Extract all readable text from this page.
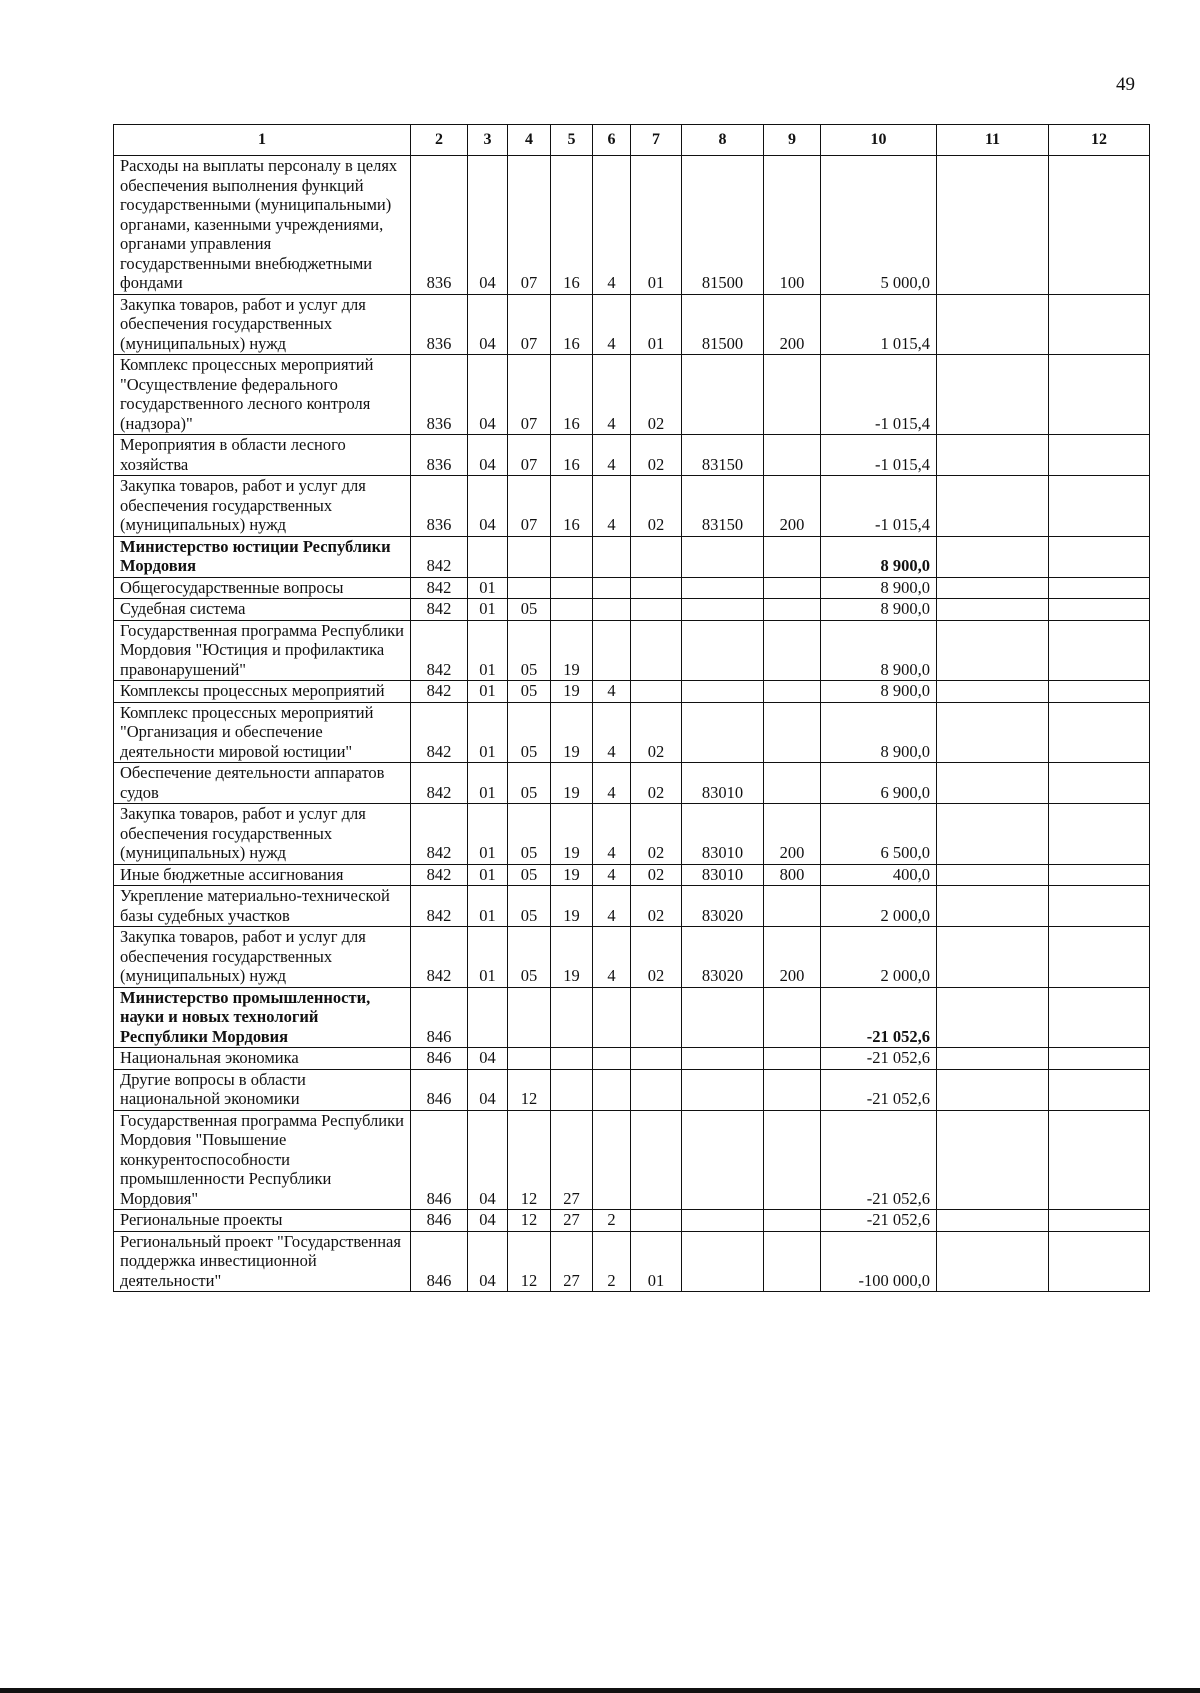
49
1	2	3	4	5	6	7	8	9	10	11	12
Расходы на выплаты персоналу в целях обеспечения выполнения функций государственными (муниципальными) органами, казенными учреждениями, органами управления государственными внебюджетными фондами	836	04	07	16	4	01	81500	100	5 000,0		
Закупка товаров, работ и услуг для обеспечения государственных (муниципальных) нужд	836	04	07	16	4	01	81500	200	1 015,4		
Комплекс процессных мероприятий "Осуществление федерального государственного лесного контроля (надзора)"	836	04	07	16	4	02			-1 015,4		
Мероприятия в области лесного хозяйства	836	04	07	16	4	02	83150		-1 015,4		
Закупка товаров, работ и услуг для обеспечения государственных (муниципальных) нужд	836	04	07	16	4	02	83150	200	-1 015,4		
Министерство юстиции Республики Мордовия	842								8 900,0		
Общегосударственные вопросы	842	01							8 900,0		
Судебная система	842	01	05						8 900,0		
Государственная программа Республики Мордовия "Юстиция и профилактика правонарушений"	842	01	05	19					8 900,0		
Комплексы процессных мероприятий	842	01	05	19	4				8 900,0		
Комплекс процессных мероприятий "Организация и обеспечение деятельности мировой юстиции"	842	01	05	19	4	02			8 900,0		
Обеспечение деятельности аппаратов судов	842	01	05	19	4	02	83010		6 900,0		
Закупка товаров, работ и услуг для обеспечения государственных (муниципальных) нужд	842	01	05	19	4	02	83010	200	6 500,0		
Иные бюджетные ассигнования	842	01	05	19	4	02	83010	800	400,0		
Укрепление материально-технической базы судебных участков	842	01	05	19	4	02	83020		2 000,0		
Закупка товаров, работ и услуг для обеспечения государственных (муниципальных) нужд	842	01	05	19	4	02	83020	200	2 000,0		
Министерство промышленности, науки и новых технологий Республики Мордовия	846								-21 052,6		
Национальная экономика	846	04							-21 052,6		
Другие вопросы в области национальной экономики	846	04	12						-21 052,6		
Государственная программа Республики Мордовия "Повышение конкурентоспособности промышленности Республики Мордовия"	846	04	12	27					-21 052,6		
Региональные проекты	846	04	12	27	2				-21 052,6		
Региональный проект "Государственная поддержка инвестиционной деятельности"	846	04	12	27	2	01			-100 000,0		
